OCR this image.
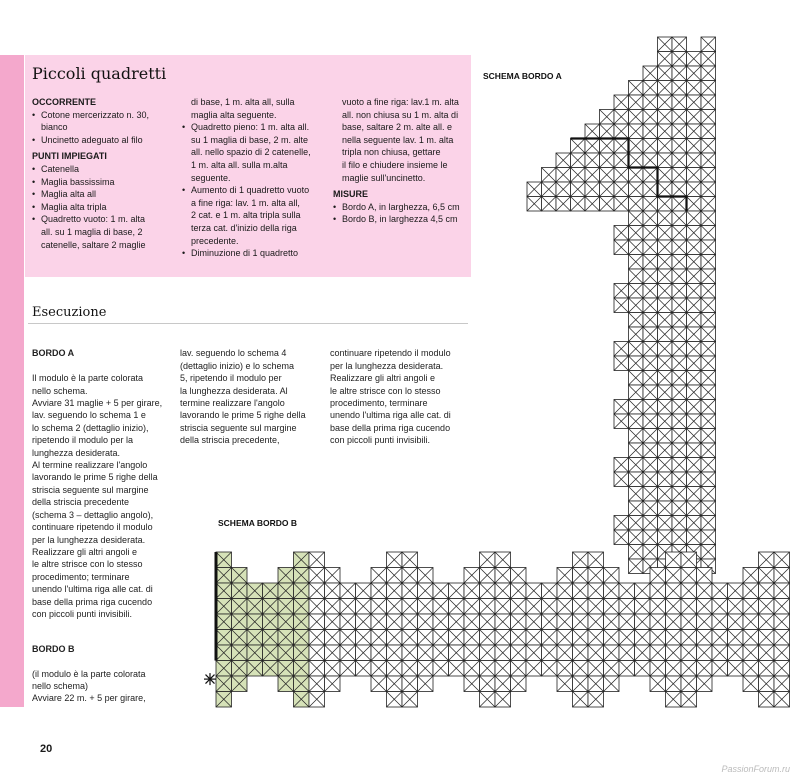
Piccoli quadretti
OCCORRENTE
• Cotone mercerizzato n. 30,
bianco
• Uncinetto adeguato al filo
PUNTI IMPIEGATI
• Catenella
• Maglia bassissima
• Maglia alta all
• Maglia alta tripla
• Quadretto vuoto: 1 m. alta
all. su 1 maglia di base, 2
catenelle, saltare 2 maglie
di base, 1 m. alta all, sulla
maglia alta seguente.
• Quadretto pieno: 1 m. alta all.
su 1 maglia di base, 2 m. alte
all. nello spazio di 2 catenelle,
1 m. alta all. sulla m.alta
seguente.
• Aumento di 1 quadretto vuoto
a fine riga: lav. 1 m. alta all,
2 cat. e 1 m. alta tripla sulla
terza cat. d'inizio della riga
precedente.
• Diminuzione di 1 quadretto
vuoto a fine riga: lav.1 m. alta
all. non chiusa su 1 m. alta di
base, saltare 2 m. alte all. e
nella seguente lav. 1 m. alta
tripla non chiusa, gettare
il filo e chiudere insieme le
maglie sull'uncinetto.
MISURE
• Bordo A, in larghezza, 6,5 cm
• Bordo B, in larghezza 4,5 cm
Esecuzione

BORDO A

Il modulo è la parte colorata
nello schema.
Avviare 31 maglie + 5 per girare,
lav. seguendo lo schema 1 e
lo schema 2 (dettaglio inizio),
ripetendo il modulo per la
lunghezza desiderata.
Al termine realizzare l'angolo
lavorando le prime 5 righe della
striscia seguente sul margine
della striscia precedente
(schema 3 – dettaglio angolo),
continuare ripetendo il modulo
per la lunghezza desiderata.
Realizzare gli altri angoli e
le altre strisce con lo stesso
procedimento; terminare
unendo l'ultima riga alle cat. di
base della prima riga cucendo
con piccoli punti invisibili.

BORDO B

(il modulo è la parte colorata
nello schema)
Avviare 22 m. + 5 per girare,

lav. seguendo lo schema 4
(dettaglio inizio) e lo schema
5, ripetendo il modulo per
la lunghezza desiderata. Al
termine realizzare l'angolo
lavorando le prime 5 righe della
striscia seguente sul margine
della striscia precedente,

continuare ripetendo il modulo
per la lunghezza desiderata.
Realizzare gli altri angoli e
le altre strisce con lo stesso
procedimento, terminare
unendo l'ultima riga alle cat. di
base della prima riga cucendo
con piccoli punti invisibili.

SCHEMA BORDO A
SCHEMA BORDO B
20
PassionForum.ru
